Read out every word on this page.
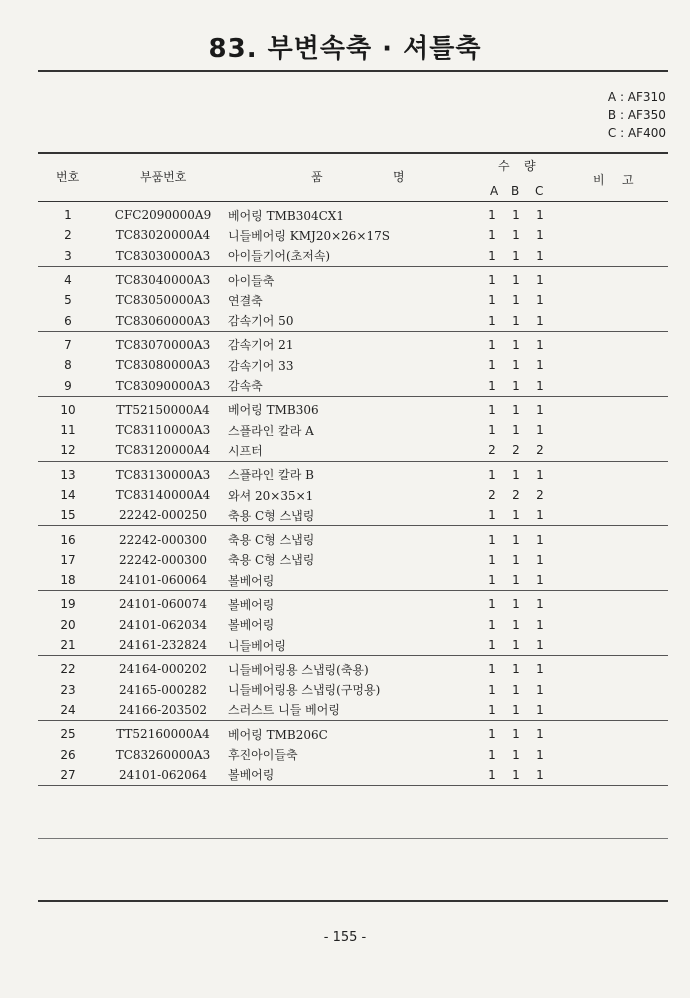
83. 부변속축 · 셔틀축
A : AF310
B : AF350
C : AF400
번호	부품번호	품	명
수 량
A B C
비 고
1	CFC2090000A9	베어링 TMB304CX1	1	1	1	
2	TC83020000A4	니들베어링 KMJ20×26×17S	1	1	1	
3	TC83030000A3	아이들기어(초저속)	1	1	1	
4	TC83040000A3	아이들축	1	1	1	
5	TC83050000A3	연결축	1	1	1	
6	TC83060000A3	감속기어 50	1	1	1	
7	TC83070000A3	감속기어 21	1	1	1	
8	TC83080000A3	감속기어 33	1	1	1	
9	TC83090000A3	감속축	1	1	1	
10	TT52150000A4	베어링 TMB306	1	1	1	
11	TC83110000A3	스플라인 칼라 A	1	1	1	
12	TC83120000A4	시프터	2	2	2	
13	TC83130000A3	스플라인 칼라 B	1	1	1	
14	TC83140000A4	와셔 20×35×1	2	2	2	
15	22242-000250	축용 C형 스냅링	1	1	1	
16	22242-000300	축용 C형 스냅링	1	1	1	
17	22242-000300	축용 C형 스냅링	1	1	1	
18	24101-060064	볼베어링	1	1	1	
19	24101-060074	볼베어링	1	1	1	
20	24101-062034	볼베어링	1	1	1	
21	24161-232824	니들베어링	1	1	1	
22	24164-000202	니들베어링용 스냅링(축용)	1	1	1	
23	24165-000282	니들베어링용 스냅링(구멍용)	1	1	1	
24	24166-203502	스러스트 니들 베어링	1	1	1	
25	TT52160000A4	베어링 TMB206C	1	1	1	
26	TC83260000A3	후진아이들축	1	1	1	
27	24101-062064	볼베어링	1	1	1	
- 155 -
